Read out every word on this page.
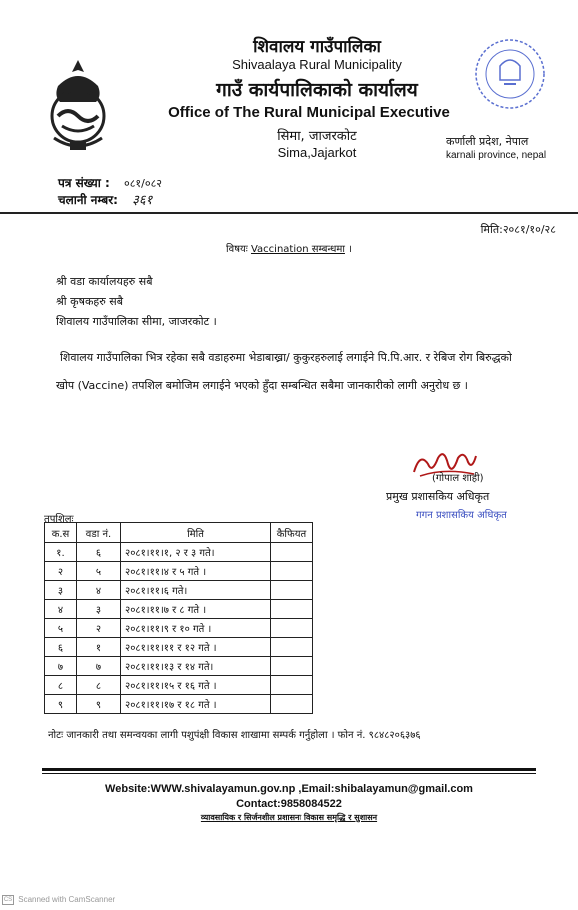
शिवालय गाउँपालिका
Shivaalaya Rural Municipality
गाउँ कार्यपालिकाको कार्यालय
Office of The Rural Municipal Executive
सिमा, जाजरकोट
Sima,Jajarkot
कर्णाली प्रदेश, नेपाल
karnali province, nepal
पत्र संख्या : ०८१/०८२
चलानी नम्बर: ३६१
मिति:२०८१/१०/२८
विषयः Vaccination सम्बन्धमा ।
श्री वडा कार्यालयहरु सबै
श्री कृषकहरु सबै
शिवालय गाउँपालिका सीमा, जाजरकोट ।
शिवालय गाउँपालिका भित्र रहेका सबै वडाहरुमा भेडाबाख्रा/ कुकुरहरुलाई लगाईने पि.पि.आर. र रेबिज रोग बिरुद्धको खोप (Vaccine) तपशिल बमोजिम लगाईने भएको हुँदा सम्बन्धित सबैमा जानकारीको लागी अनुरोध छ ।
(गोपाल शाही)
प्रमुख प्रशासकिय अधिकृत
गगन प्रशासकिय अधिकृत
तपशिलः
क.स	वडा नं.	मिति	कैफियत
१.	६	२०८१।११।१, २ र ३ गते।	
२	५	२०८१।११।४ र ५ गते ।	
३	४	२०८१।११।६ गते।	
४	३	२०८१।११।७ र ८ गते ।	
५	२	२०८१।११।९ र १० गते ।	
६	१	२०८१।११।११ र १२ गते ।	
७	७	२०८१।११।१३ र १४ गते।	
८	८	२०८१।११।१५ र १६ गते ।	
९	९	२०८१।११।१७ र १८ गते ।	
नोटः जानकारी तथा समन्वयका लागी पशुपंक्षी विकास शाखामा सम्पर्क गर्नुहोला । फोन नं. ९८४८२०६३७६
Website:WWW.shivalayamun.gov.np ,Email:shibalayamun@gmail.com
Contact:9858084522
व्यावसायिक र सिर्जनशील प्रशासनः विकास समृद्धि र सुशासन
CS Scanned with CamScanner
